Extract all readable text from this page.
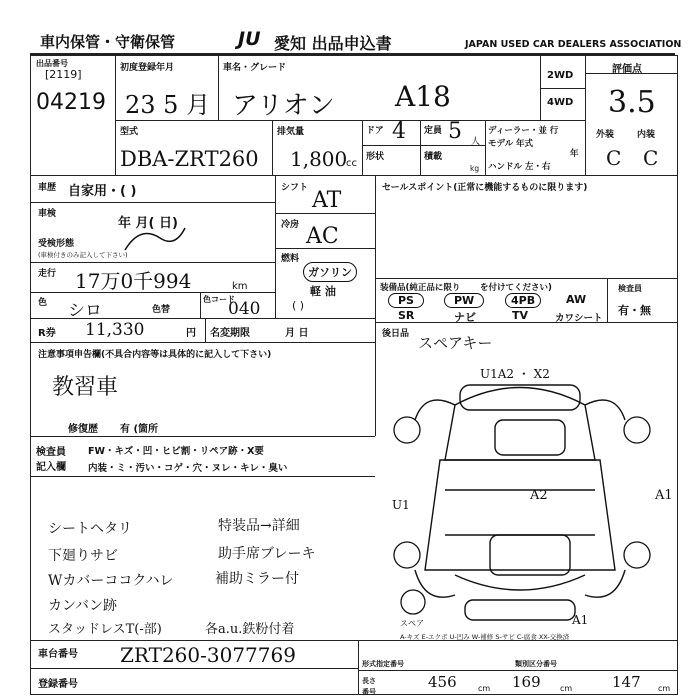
車内保管・守衛保管	JU 愛知 出品申込書	JAPAN USED CAR DEALERS ASSOCIATION
出品番号
[2119]
04219
初度登録年月
23 5 月
車名・グレード
アリオン A18
2WD
4WD
評価点
3.5
外装	内装
C C
型式
DBA-ZRT260
排気量
1,800
cc
ドア 4 定員 5 人
形状	積載
kg
ディーラー・並 行
モデル 年式
年
ハンドル 左・右
車歴 自家用・( )
車検
年 月( 日)
受検形態
(車検付きのみ記入して下さい)
走行 17万0千994	km
色 シロ	色替
色コード
040
シフト AT
冷房 AC
燃料
ガソリン
軽 油
( )
セールスポイント(正常に機能するものに限ります)
装備品(純正品に限り を付けてください)
PS	PW	4PB	AW
SR	ナビ	TV	カワシート
検査員
有・無
R券 11,330	円 名変期限	月 日	後日品 スペアキー
注意事項申告欄(不具合内容等は具体的に記入して下さい)
教習車
修復歴 有 (箇所
検査員
記入欄
FW・キズ・凹・ヒビ割・リペア跡・X要
内装・ミ・汚い・コゲ・穴・ヌレ・キレ・臭い
シートヘタリ
下廻りサビ
Wカバーココクハレ
カンバン跡
スタッドレスT(-部)
特装品→詳細
助手席ブレーキ
補助ミラー付
各a.u.鉄粉付着
U1A2 ・ X2
A2
U1
A1
スペア	A1
A-キズ E-エクボ U-凹み W-補修 S-サビ C-腐食 XX-交換済
車台番号 ZRT260-3077769
登録番号
形式指定番号	類別区分番号
長さ
番号
456	cm 169 cm	147 cm
